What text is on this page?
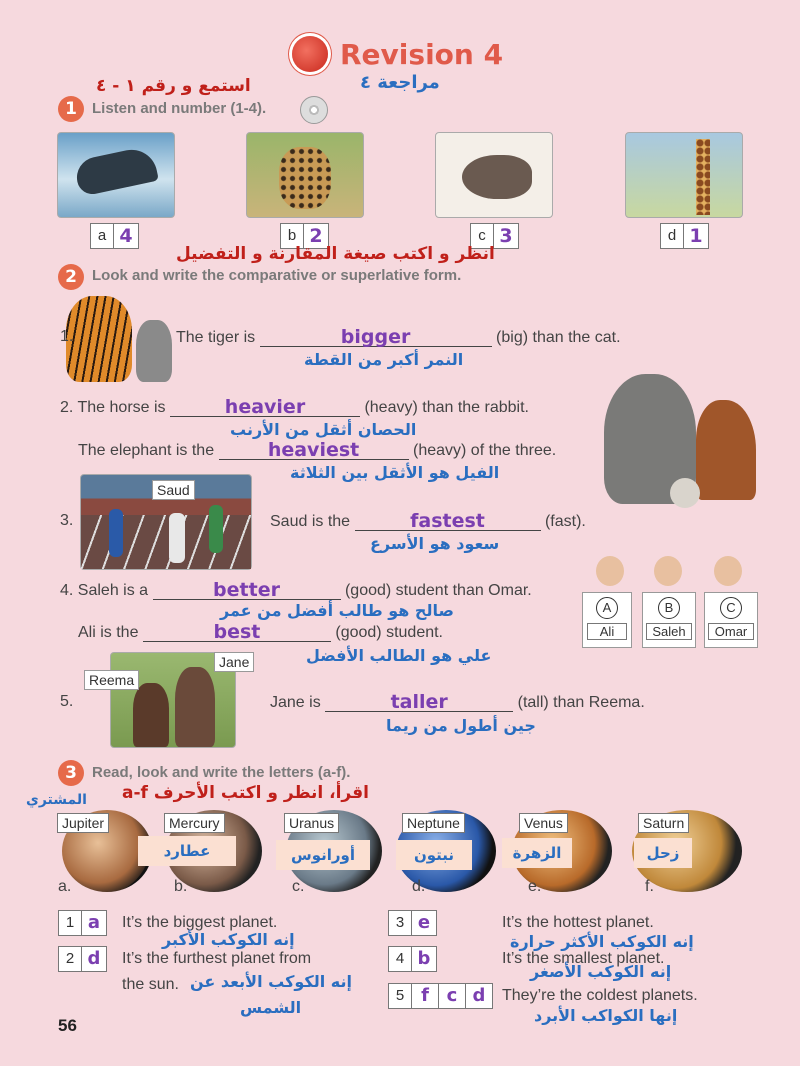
Revision 4
مراجعة ٤
استمع و رقم ١ - ٤
1	Listen and number (1-4).
a 4	b 2	c 3	d 1
انظر و اكتب صيغة المقارنة و التفضيل
2	Look and write the comparative or superlative form.
1.	The tiger is	bigger	(big) than the cat.
النمر أكبر من القطة
2. The horse is	heavier	(heavy) than the rabbit.
الحصان أثقل من الأرنب
The elephant is the	heaviest	(heavy) of the three.
الفيل هو الأثقل بين الثلاثة
Saud
3.	Saud is the	fastest	(fast).
سعود هو الأسرع
4. Saleh is a	better	(good) student than Omar.
صالح هو طالب أفضل من عمر
Ali is the	best	(good) student.
علي هو الطالب الأفضل
A
Ali
B
Saleh
C
Omar
Reema
Jane
5.	Jane is	taller	(tall) than Reema.
جين أطول من ريما
3	Read, look and write the letters (a-f).
اقرأ، انظر و اكتب الأحرف a-f
المشتري
Jupiter	Mercury	Uranus	Neptune	Venus	Saturn
عطارد	أورانوس	نبتون	الزهرة	زحل
a.	b.	c.	d.	e.	f.
1 a	It’s the biggest planet.
إنه الكوكب الأكبر
2 d	It’s the furthest planet from
the sun. إنه الكوكب الأبعد عن
الشمس
3 e	It’s the hottest planet.
إنه الكوكب الأكثر حرارة
4 b	It’s the smallest planet.
إنه الكوكب الأصغر
5 f c d	They’re the coldest planets.
إنها الكواكب الأبرد
56
